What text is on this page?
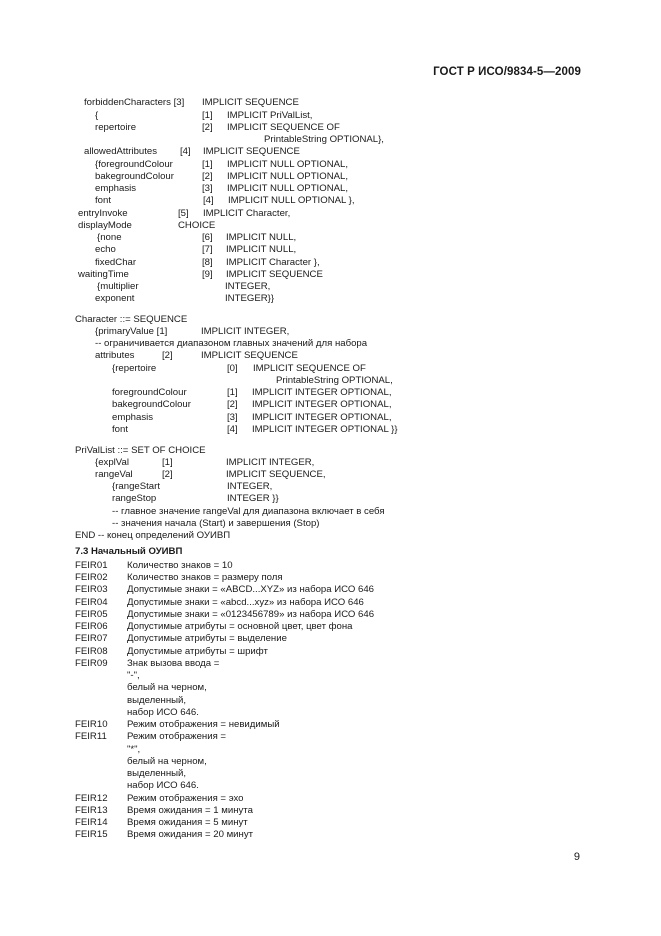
ГОСТ Р ИСО/9834-5—2009
forbiddenCharacters [3] IMPLICIT SEQUENCE
{	[1] IMPLICIT PriValList,
repertoire	[2] IMPLICIT SEQUENCE OF
PrintableString OPTIONAL},
allowedAttributes [4] IMPLICIT SEQUENCE
{foregroundColour	[1] IMPLICIT NULL OPTIONAL,
bakegroundColour	[2] IMPLICIT NULL OPTIONAL,
emphasis	[3] IMPLICIT NULL OPTIONAL,
font	[4] IMPLICIT NULL OPTIONAL },
entryInvoke	[5] IMPLICIT Character,
displayMode	CHOICE
{none	[6] IMPLICIT NULL,
echo	[7] IMPLICIT NULL,
fixedChar	[8] IMPLICIT Character },
waitingTime	[9] IMPLICIT SEQUENCE
{multiplier	INTEGER,
exponent	INTEGER}}
Character ::= SEQUENCE
{primaryValue [1]	IMPLICIT INTEGER,
-- ограничивается диапазоном главных значений для набора
attributes	[2]	IMPLICIT SEQUENCE
{repertoire	[0] IMPLICIT SEQUENCE OF
PrintableString OPTIONAL,
foregroundColour	[1] IMPLICIT INTEGER OPTIONAL,
bakegroundColour	[2] IMPLICIT INTEGER OPTIONAL,
emphasis	[3] IMPLICIT INTEGER OPTIONAL,
font	[4] IMPLICIT INTEGER OPTIONAL }}
PriValList ::= SET OF CHOICE
{explVal	[1]	IMPLICIT INTEGER,
rangeVal	[2]	IMPLICIT SEQUENCE,
{rangeStart	INTEGER,
rangeStop	INTEGER }}
-- главное значение rangeVal для диапазона включает в себя
-- значения начала (Start) и завершения (Stop)
END -- конец определений ОУИВП
7.3 Начальный ОУИВП
FEIR01 Количество знаков = 10
FEIR02 Количество знаков = размеру поля
FEIR03 Допустимые знаки = «ABCD...XYZ» из набора ИСО 646
FEIR04 Допустимые знаки = «abcd...xyz» из набора ИСО 646
FEIR05 Допустимые знаки = «0123456789» из набора ИСО 646
FEIR06 Допустимые атрибуты = основной цвет, цвет фона
FEIR07 Допустимые атрибуты = выделение
FEIR08 Допустимые атрибуты = шрифт
FEIR09 Знак вызова ввода =
"-",
белый на черном,
выделенный,
набор ИСО 646.
FEIR10 Режим отображения = невидимый
FEIR11 Режим отображения =
"*",
белый на черном,
выделенный,
набор ИСО 646.
FEIR12 Режим отображения = эхо
FEIR13 Время ожидания = 1 минута
FEIR14 Время ожидания = 5 минут
FEIR15 Время ожидания = 20 минут
9
